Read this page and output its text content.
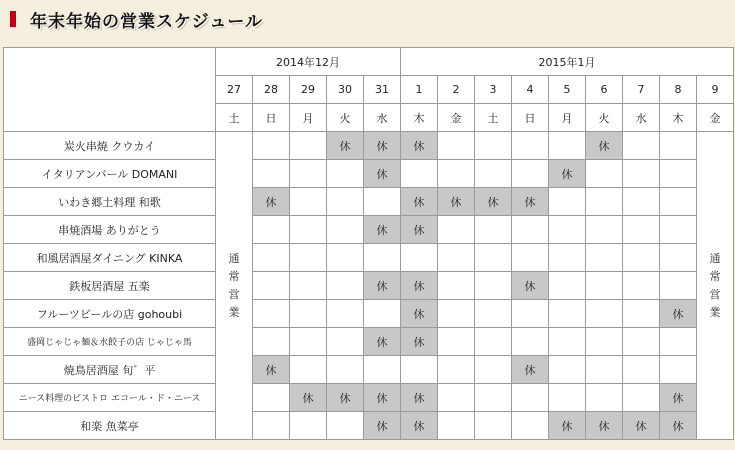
年末年始の営業スケジュール
	2014年12月					2015年1月								
	27	28	29	30	31	1	2	3	4	5	6	7	8	9
	土	日	月	火	水	木	金	土	日	月	火	水	木	金
炭火串焼 クウカイ	通常営業			休	休	休					休			通常営業
イタリアンバール DOMANI					休					休				
いわき郷土料理 和歌		休				休	休	休	休					
串焼酒場 ありがとう					休	休								
和風居酒屋ダイニング KINKA														
鉄板居酒屋 五楽					休	休			休					
フルーツビールの店 gohoubi						休							休	
盛岡じゃじゃ麺＆水餃子の店 じゃじゃ馬					休	休								
焼鳥居酒屋 旬゛平		休							休					
ニース料理のビストロ エコール・ド・ニース			休	休	休	休							休	
和楽 魚菜亭					休	休				休	休	休	休	
